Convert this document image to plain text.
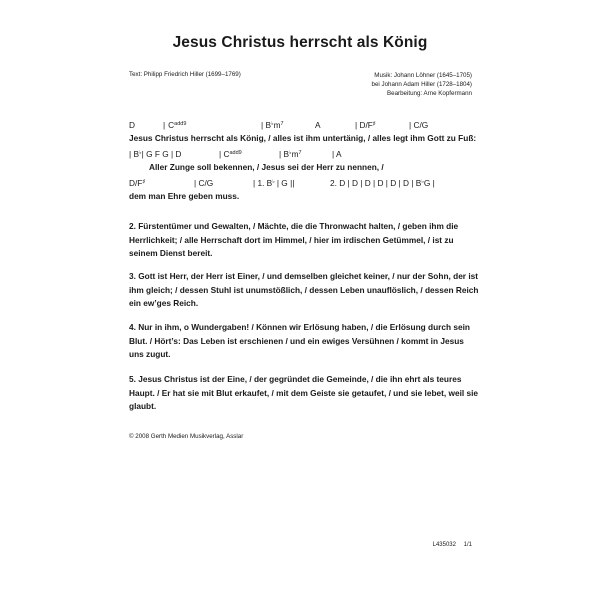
Jesus Christus herrscht als König
Text: Philipp Friedrich Hiller (1699–1769)	Musik: Johann Löhner (1645–1705)
bei Johann Adam Hiller (1728–1804)
Bearbeitung: Arne Kopfermann
D	| $C^{add9}$	| $B^♭m^7$	A	| D/F♯	| C/G
Jesus Christus herrscht als König, / alles ist ihm untertänig, / alles legt ihm Gott zu Fuß:
| B♭| G F G | D	| $C^{add9}$	| $B^♭m^7$	| A
Aller Zunge soll bekennen, / Jesus sei der Herr zu nennen, /
D/F♯	| C/G	| 1. B♭ | G ||	2. D | D | D | D | D | D | B♭G |
dem man Ehre geben muss.
2. Fürstentümer und Gewalten, / Mächte, die die Thronwacht halten, / geben ihm die Herrlichkeit; / alle Herrschaft dort im Himmel, / hier im irdischen Getümmel, / ist zu seinem Dienst bereit.
3. Gott ist Herr, der Herr ist Einer, / und demselben gleichet keiner, / nur der Sohn, der ist ihm gleich; / dessen Stuhl ist unumstößlich, / dessen Leben unauflöslich, / dessen Reich ein ew’ges Reich.
4. Nur in ihm, o Wundergaben! / Können wir Erlösung haben, / die Erlösung durch sein Blut. / Hört’s: Das Leben ist erschienen / und ein ewiges Versühnen / kommt in Jesus uns zugut.
5. Jesus Christus ist der Eine, / der gegründet die Gemeinde, / die ihn ehrt als teures Haupt. / Er hat sie mit Blut erkaufet, / mit dem Geiste sie getaufet, / und sie lebet, weil sie glaubt.
© 2008 Gerth Medien Musikverlag, Asslar
L435032 1/1
